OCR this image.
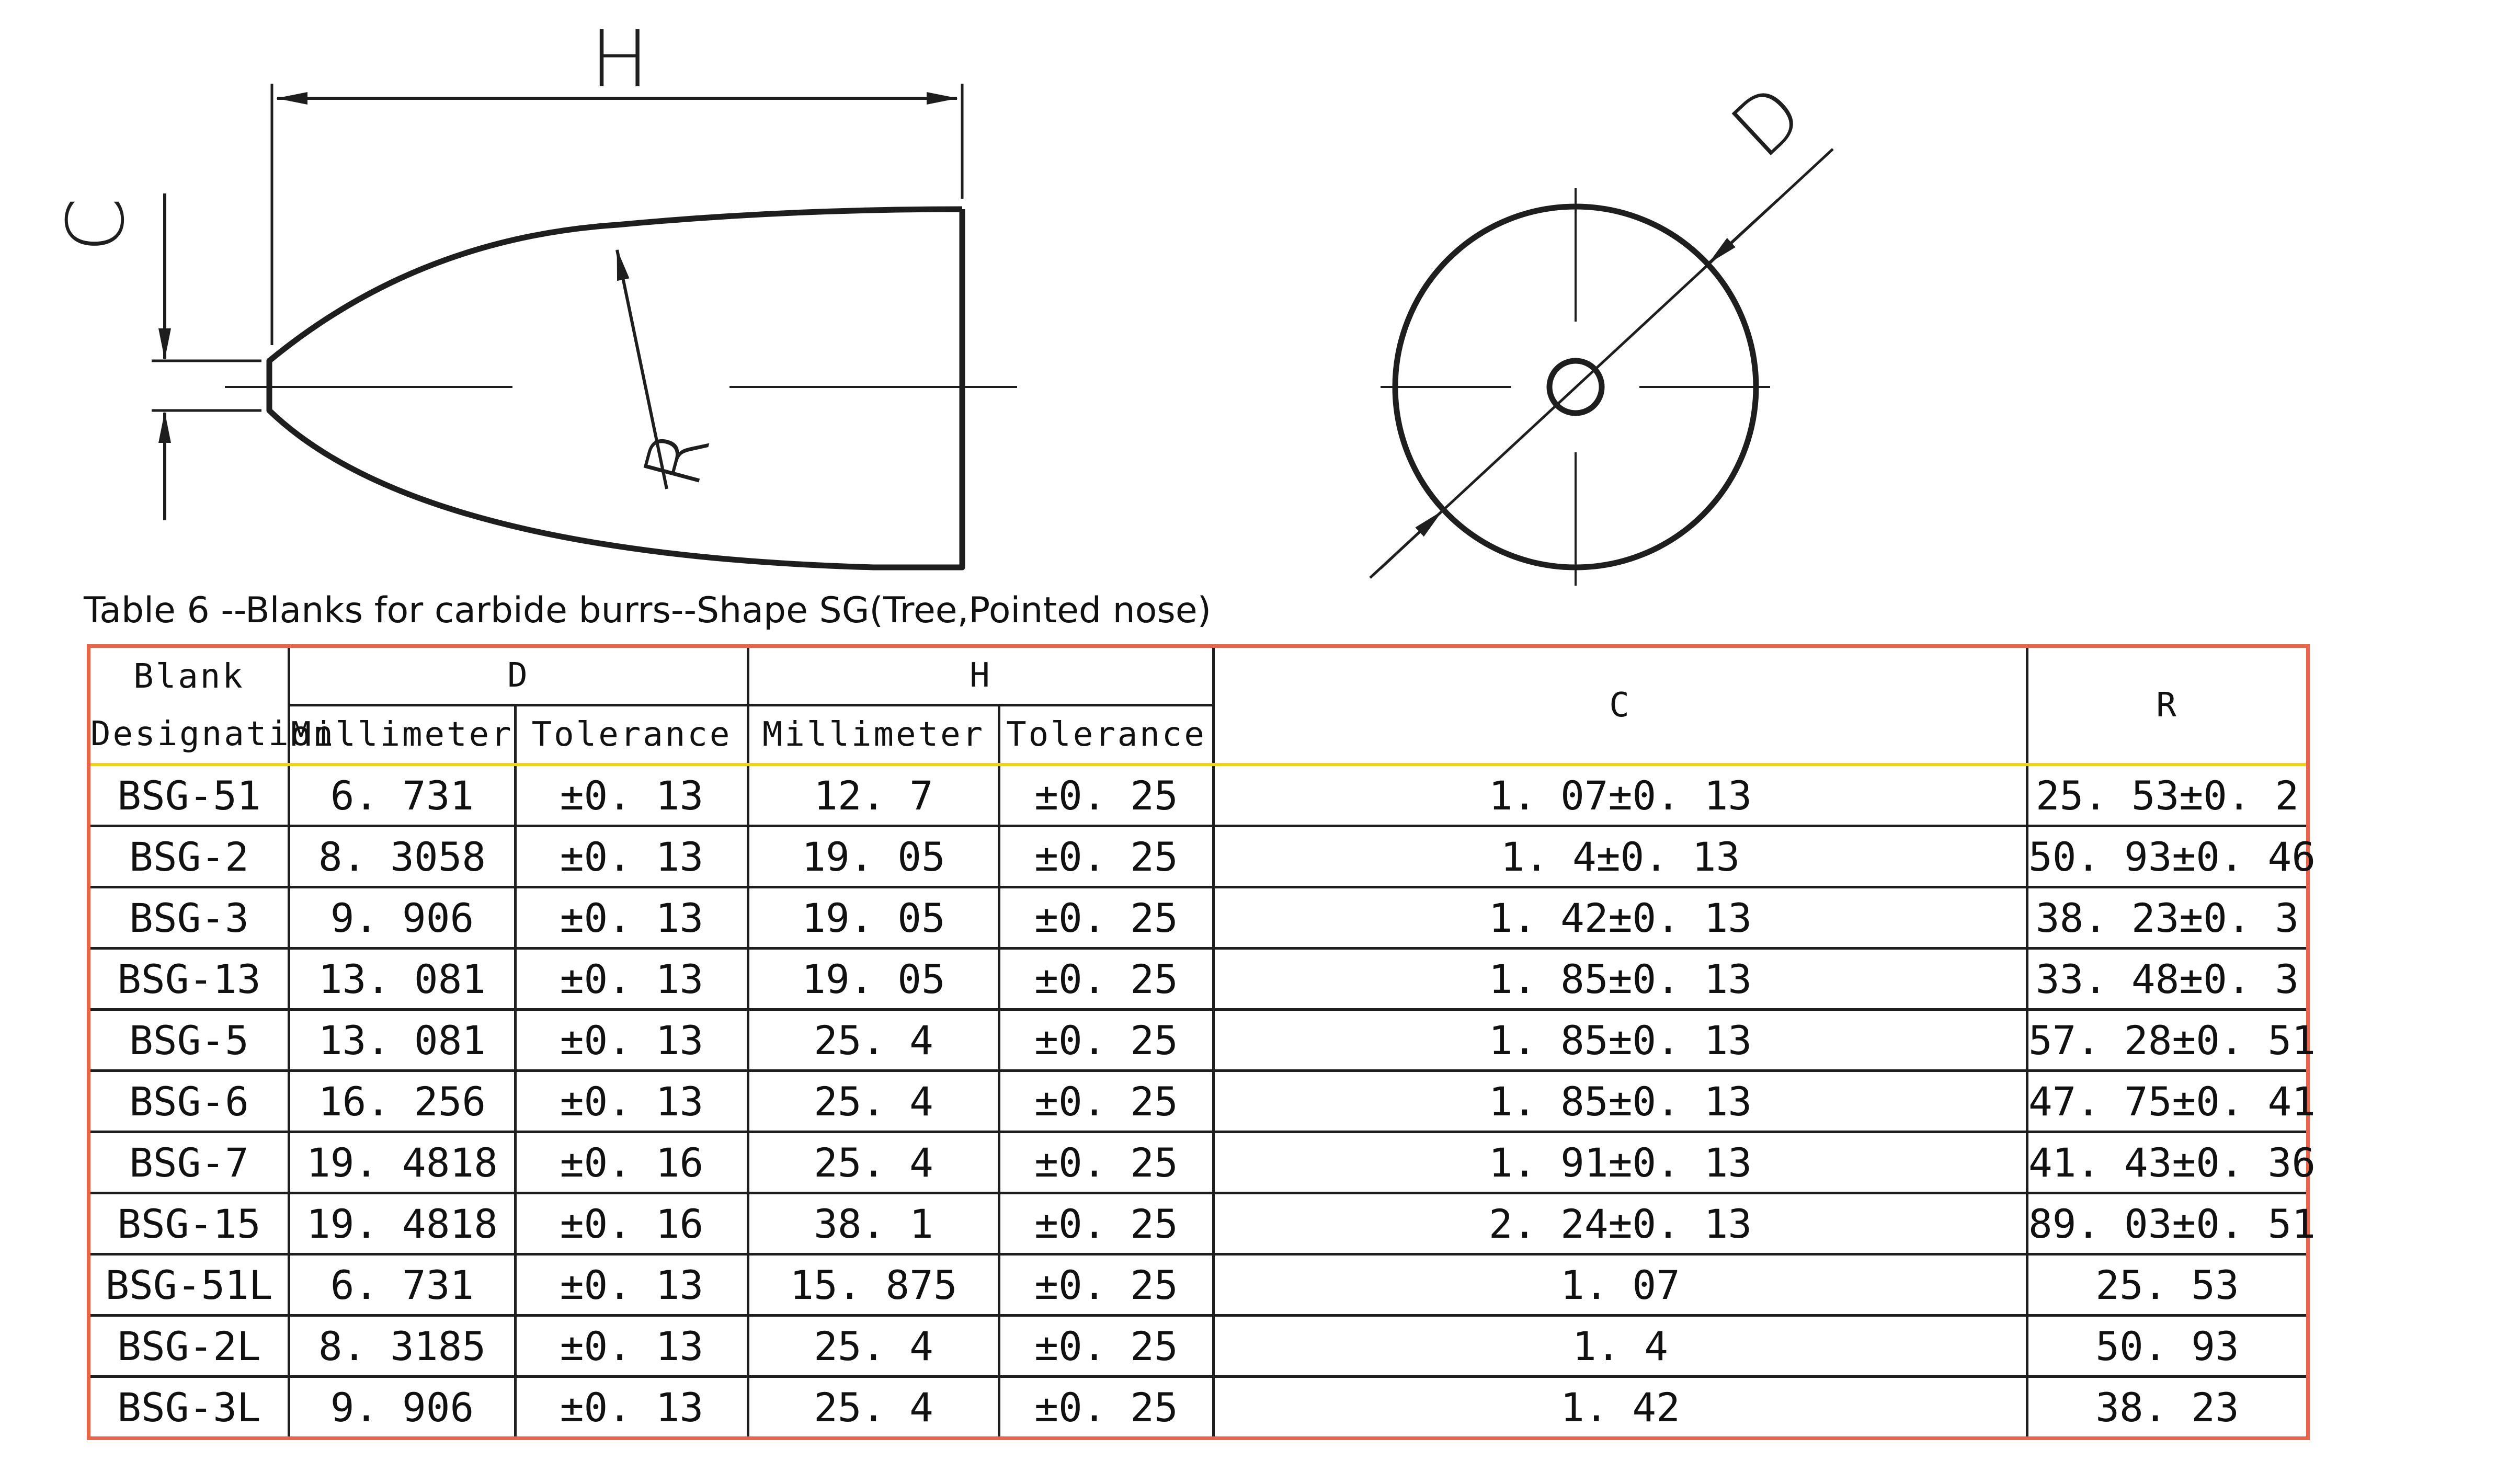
H
C
R
D
Table 6 --Blanks for carbide burrs--Shape SG(Tree,Pointed nose)
Blank
Designation	D		H		C	R
	Millimeter	Tolerance	Millimeter	Tolerance		
BSG-51	6. 731	±0. 13	12. 7	±0. 25	1. 07±0. 13	25. 53±0. 2
BSG-2	8. 3058	±0. 13	19. 05	±0. 25	1. 4±0. 13	50. 93±0. 46
BSG-3	9. 906	±0. 13	19. 05	±0. 25	1. 42±0. 13	38. 23±0. 3
BSG-13	13. 081	±0. 13	19. 05	±0. 25	1. 85±0. 13	33. 48±0. 3
BSG-5	13. 081	±0. 13	25. 4	±0. 25	1. 85±0. 13	57. 28±0. 51
BSG-6	16. 256	±0. 13	25. 4	±0. 25	1. 85±0. 13	47. 75±0. 41
BSG-7	19. 4818	±0. 16	25. 4	±0. 25	1. 91±0. 13	41. 43±0. 36
BSG-15	19. 4818	±0. 16	38. 1	±0. 25	2. 24±0. 13	89. 03±0. 51
BSG-51L	6. 731	±0. 13	15. 875	±0. 25	1. 07	25. 53
BSG-2L	8. 3185	±0. 13	25. 4	±0. 25	1. 4	50. 93
BSG-3L	9. 906	±0. 13	25. 4	±0. 25	1. 42	38. 23
